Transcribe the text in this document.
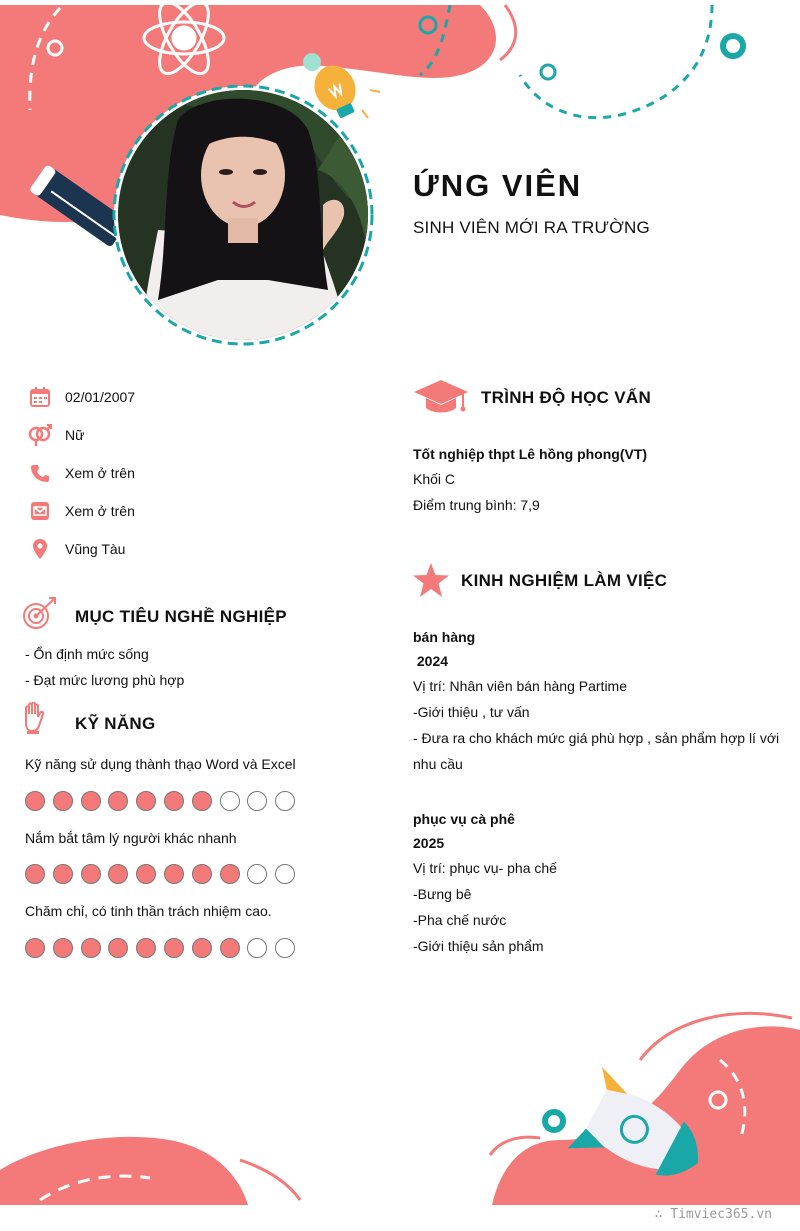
ỨNG VIÊN
SINH VIÊN MỚI RA TRƯỜNG
02/01/2007
Nữ
Xem ở trên
Xem ở trên
Vũng Tàu
MỤC TIÊU NGHỀ NGHIỆP
- Ổn định mức sống
- Đạt mức lương phù hợp
KỸ NĂNG
Kỹ năng sử dụng thành thạo Word và Excel
Nắm bắt tâm lý người khác nhanh
Chăm chỉ, có tinh thần trách nhiệm cao.
TRÌNH ĐỘ HỌC VẤN
Tốt nghiệp thpt Lê hồng phong(VT)
Khối C
Điểm trung bình: 7,9
KINH NGHIỆM LÀM VIỆC
bán hàng
2024
Vị trí: Nhân viên bán hàng Partime
-Giới thiệu , tư vấn
- Đưa ra cho khách mức giá phù hợp , sản phẩm hợp lí với
nhu cầu
phục vụ cà phê
2025
Vị trí: phục vụ- pha chế
-Bưng bê
-Pha chế nước
-Giới thiệu sản phẩm
∴ Timviec365.vn
